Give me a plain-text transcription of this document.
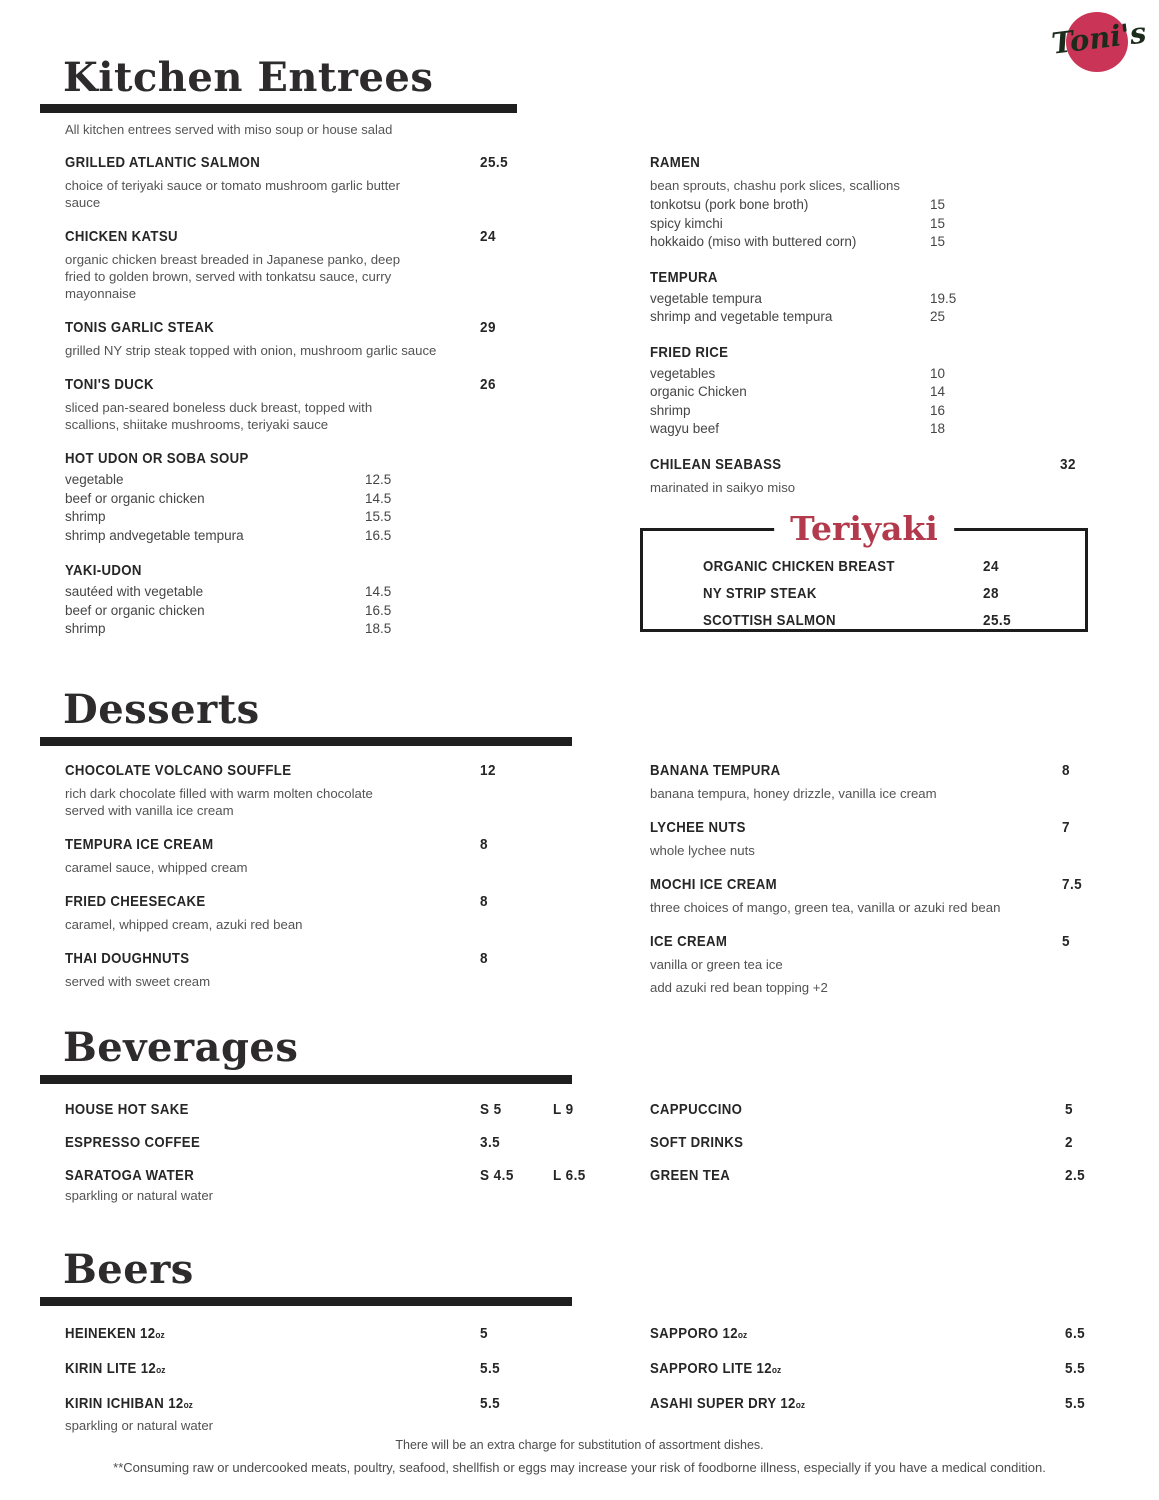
Toni's
Kitchen Entrees
All kitchen entrees served with miso soup or house salad
GRILLED ATLANTIC SALMON	25.5
choice of teriyaki sauce or tomato mushroom garlic butter
sauce
CHICKEN KATSU	24
organic chicken breast breaded in Japanese panko, deep
fried to golden brown, served with tonkatsu sauce, curry
mayonnaise
TONIS GARLIC STEAK	29
grilled NY strip steak topped with onion, mushroom garlic sauce
TONI'S DUCK	26
sliced pan-seared boneless duck breast, topped with
scallions, shiitake mushrooms, teriyaki sauce
HOT UDON OR SOBA SOUP
vegetable	12.5
beef or organic chicken	14.5
shrimp	15.5
shrimp andvegetable tempura	16.5
YAKI-UDON
sautéed with vegetable	14.5
beef or organic chicken	16.5
shrimp	18.5
RAMEN
bean sprouts, chashu pork slices, scallions
tonkotsu (pork bone broth)	15
spicy kimchi	15
hokkaido (miso with buttered corn)	15
TEMPURA
vegetable tempura	19.5
shrimp and vegetable tempura	25
FRIED RICE
vegetables	10
organic Chicken	14
shrimp	16
wagyu beef	18
CHILEAN SEABASS	32
marinated in saikyo miso
Teriyaki
ORGANIC CHICKEN BREAST	24
NY STRIP STEAK	28
SCOTTISH SALMON	25.5
Desserts
CHOCOLATE VOLCANO SOUFFLE	12
rich dark chocolate filled with warm molten chocolate
served with vanilla ice cream
TEMPURA ICE CREAM	8
caramel sauce, whipped cream
FRIED CHEESECAKE	8
caramel, whipped cream, azuki red bean
THAI DOUGHNUTS	8
served with sweet cream
BANANA TEMPURA	8
banana tempura, honey drizzle, vanilla ice cream
LYCHEE NUTS	7
whole lychee nuts
MOCHI ICE CREAM	7.5
three choices of mango, green tea, vanilla or azuki red bean
ICE CREAM	5
vanilla or green tea ice
add azuki red bean topping +2
Beverages
HOUSE HOT SAKE	S 5	L 9
ESPRESSO COFFEE	3.5
SARATOGA WATER	S 4.5	L 6.5
sparkling or natural water
CAPPUCCINO	5
SOFT DRINKS	2
GREEN TEA	2.5
Beers
HEINEKEN 12oz	5
KIRIN LITE 12oz	5.5
KIRIN ICHIBAN 12oz	5.5
sparkling or natural water
SAPPORO 12oz	6.5
SAPPORO LITE 12oz	5.5
ASAHI SUPER DRY 12oz	5.5
There will be an extra charge for substitution of assortment dishes.
**Consuming raw or undercooked meats, poultry, seafood, shellfish or eggs may increase your risk of foodborne illness, especially if you have a medical condition.
